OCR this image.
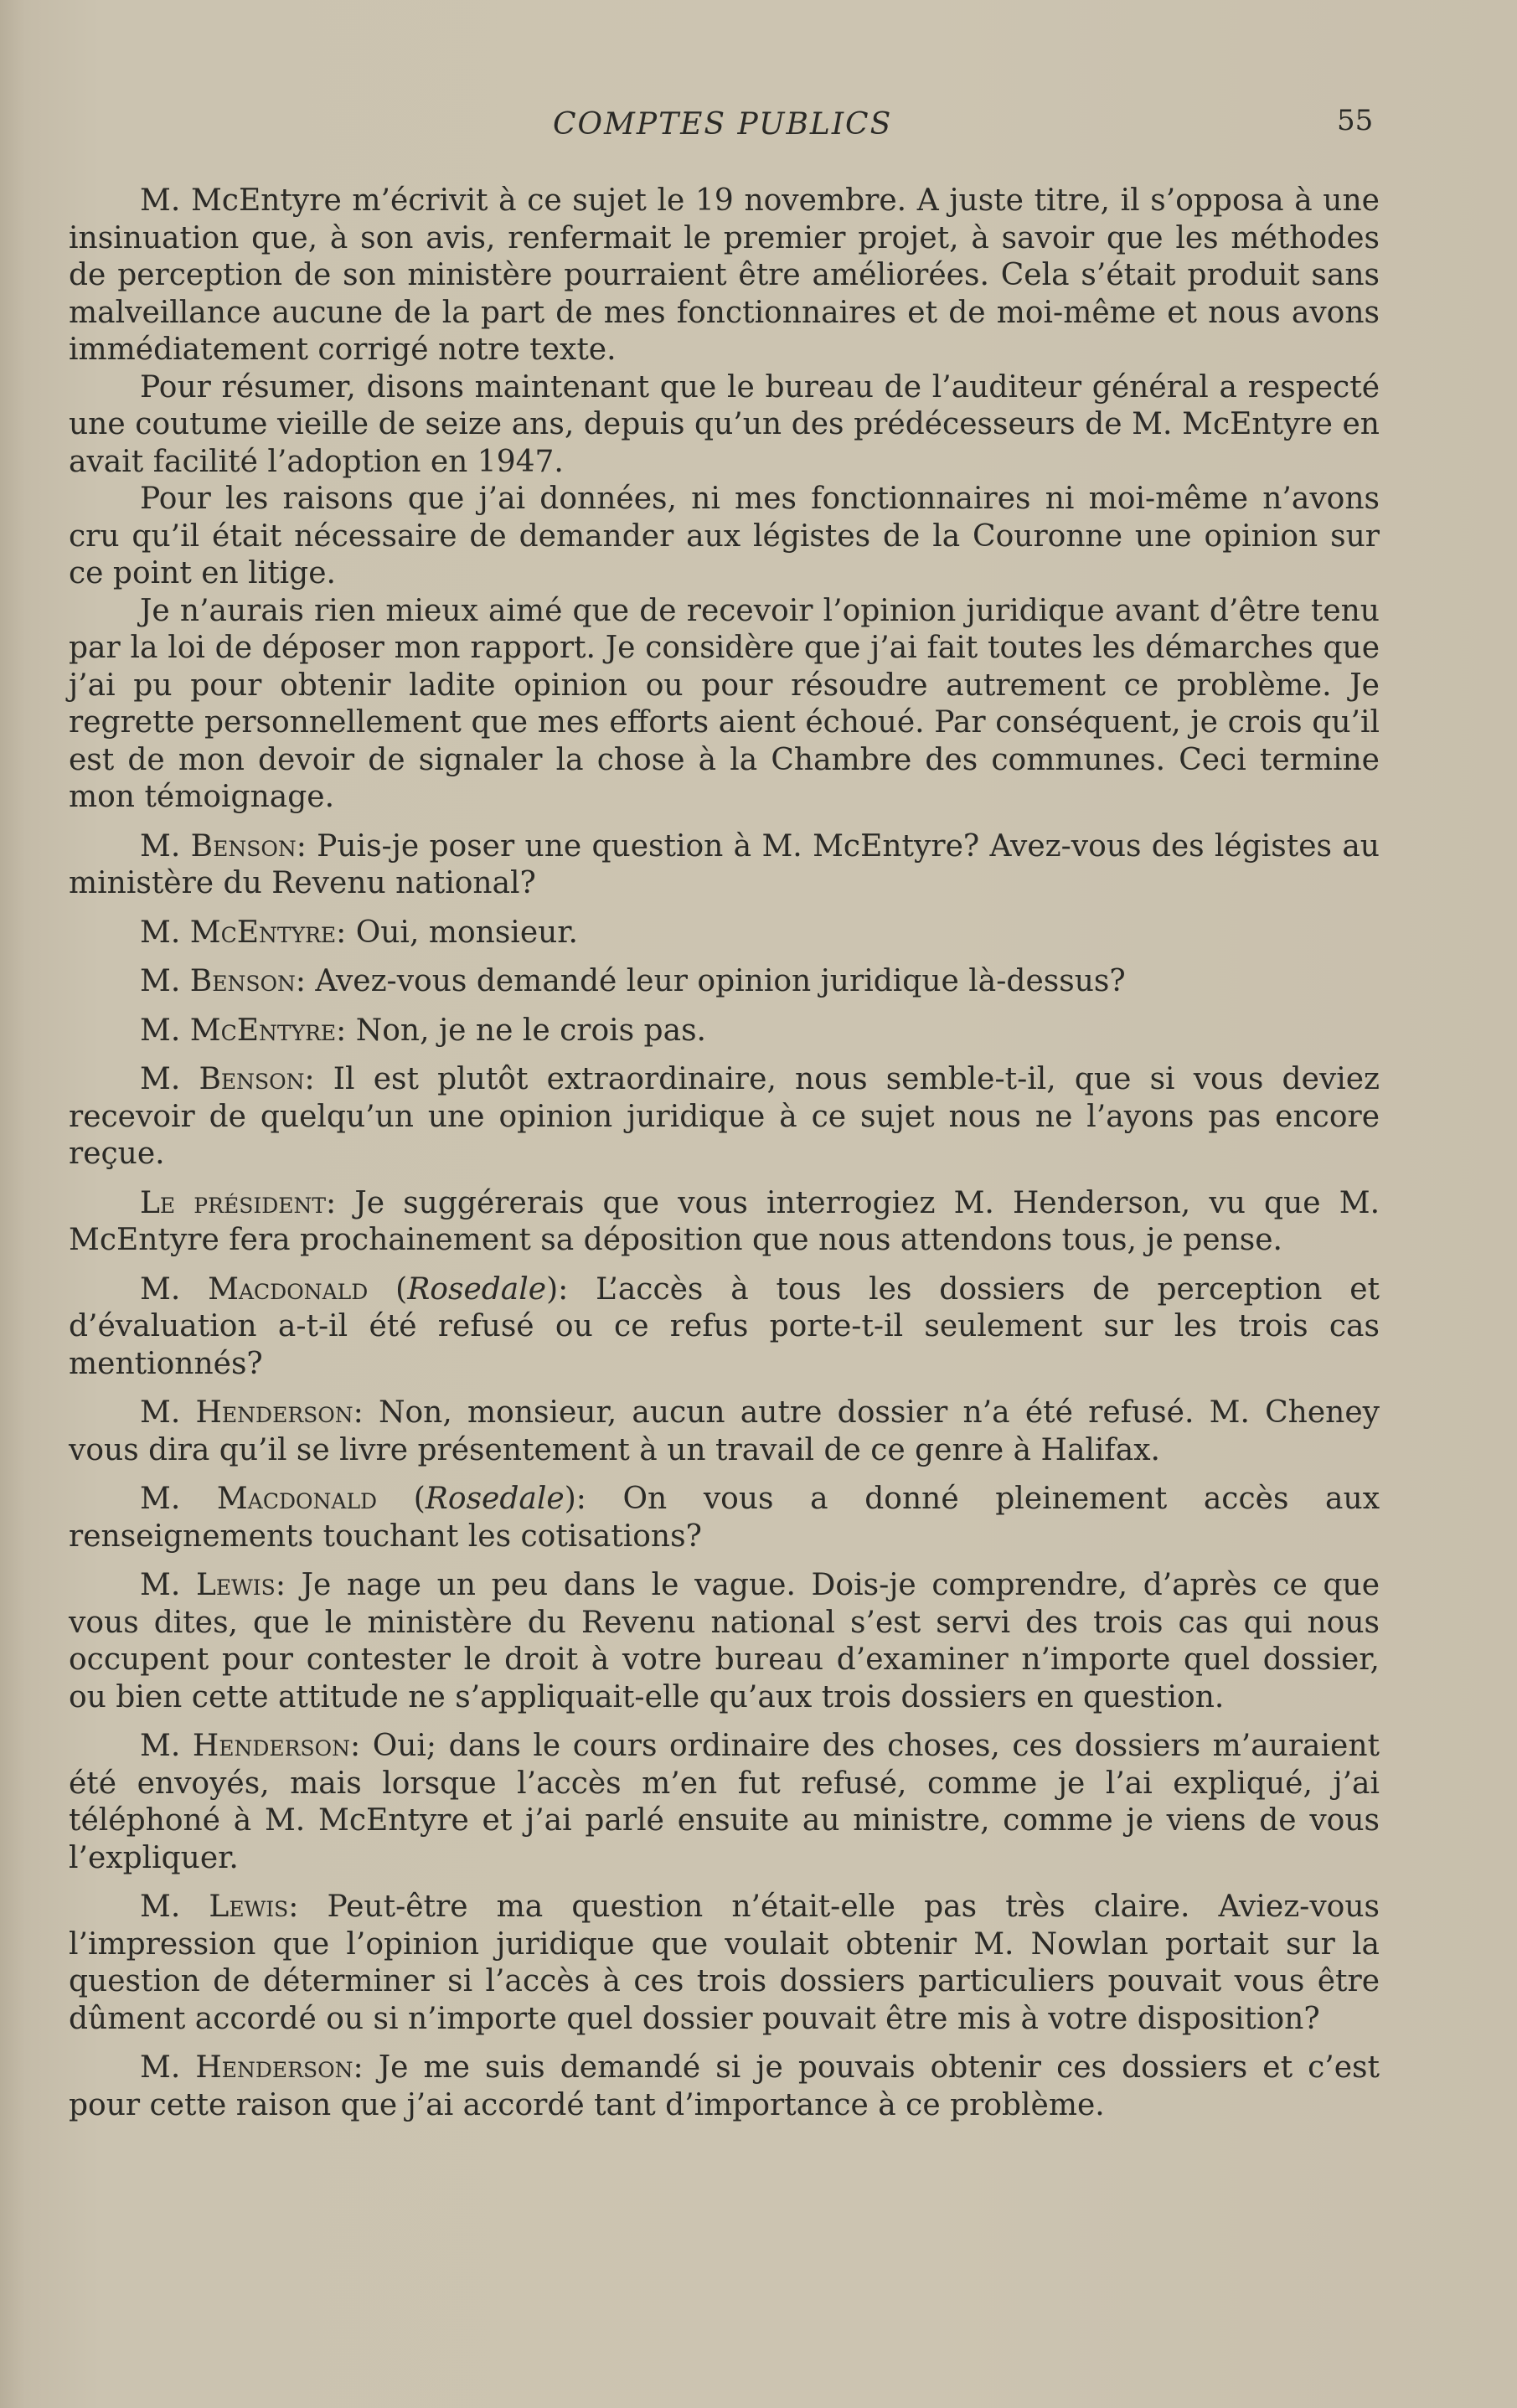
COMPTES PUBLICS	55

M. McEntyre m’écrivit à ce sujet le 19 novembre. A juste titre, il s’opposa à une insinuation que, à son avis, renfermait le premier projet, à savoir que les méthodes de perception de son ministère pourraient être améliorées. Cela s’était produit sans malveillance aucune de la part de mes fonctionnaires et de moi-même et nous avons immédiatement corrigé notre texte.

Pour résumer, disons maintenant que le bureau de l’auditeur général a respecté une coutume vieille de seize ans, depuis qu’un des prédécesseurs de M. McEntyre en avait facilité l’adoption en 1947.

Pour les raisons que j’ai données, ni mes fonctionnaires ni moi-même n’avons cru qu’il était nécessaire de demander aux légistes de la Couronne une opinion sur ce point en litige.

Je n’aurais rien mieux aimé que de recevoir l’opinion juridique avant d’être tenu par la loi de déposer mon rapport. Je considère que j’ai fait toutes les démarches que j’ai pu pour obtenir ladite opinion ou pour résoudre autrement ce problème. Je regrette personnellement que mes efforts aient échoué. Par conséquent, je crois qu’il est de mon devoir de signaler la chose à la Chambre des communes. Ceci termine mon témoignage.

M. Benson: Puis-je poser une question à M. McEntyre? Avez-vous des légistes au ministère du Revenu national?

M. McEntyre: Oui, monsieur.

M. Benson: Avez-vous demandé leur opinion juridique là-dessus?

M. McEntyre: Non, je ne le crois pas.

M. Benson: Il est plutôt extraordinaire, nous semble-t-il, que si vous deviez recevoir de quelqu’un une opinion juridique à ce sujet nous ne l’ayons pas encore reçue.

Le président: Je suggérerais que vous interrogiez M. Henderson, vu que M. McEntyre fera prochainement sa déposition que nous attendons tous, je pense.

M. Macdonald (Rosedale): L’accès à tous les dossiers de perception et d’évaluation a-t-il été refusé ou ce refus porte-t-il seulement sur les trois cas mentionnés?

M. Henderson: Non, monsieur, aucun autre dossier n’a été refusé. M. Cheney vous dira qu’il se livre présentement à un travail de ce genre à Halifax.

M. Macdonald (Rosedale): On vous a donné pleinement accès aux renseignements touchant les cotisations?

M. Lewis: Je nage un peu dans le vague. Dois-je comprendre, d’après ce que vous dites, que le ministère du Revenu national s’est servi des trois cas qui nous occupent pour contester le droit à votre bureau d’examiner n’importe quel dossier, ou bien cette attitude ne s’appliquait-elle qu’aux trois dossiers en question.

M. Henderson: Oui; dans le cours ordinaire des choses, ces dossiers m’auraient été envoyés, mais lorsque l’accès m’en fut refusé, comme je l’ai expliqué, j’ai téléphoné à M. McEntyre et j’ai parlé ensuite au ministre, comme je viens de vous l’expliquer.

M. Lewis: Peut-être ma question n’était-elle pas très claire. Aviez-vous l’impression que l’opinion juridique que voulait obtenir M. Nowlan portait sur la question de déterminer si l’accès à ces trois dossiers particuliers pouvait vous être dûment accordé ou si n’importe quel dossier pouvait être mis à votre disposition?

M. Henderson: Je me suis demandé si je pouvais obtenir ces dossiers et c’est pour cette raison que j’ai accordé tant d’importance à ce problème.
